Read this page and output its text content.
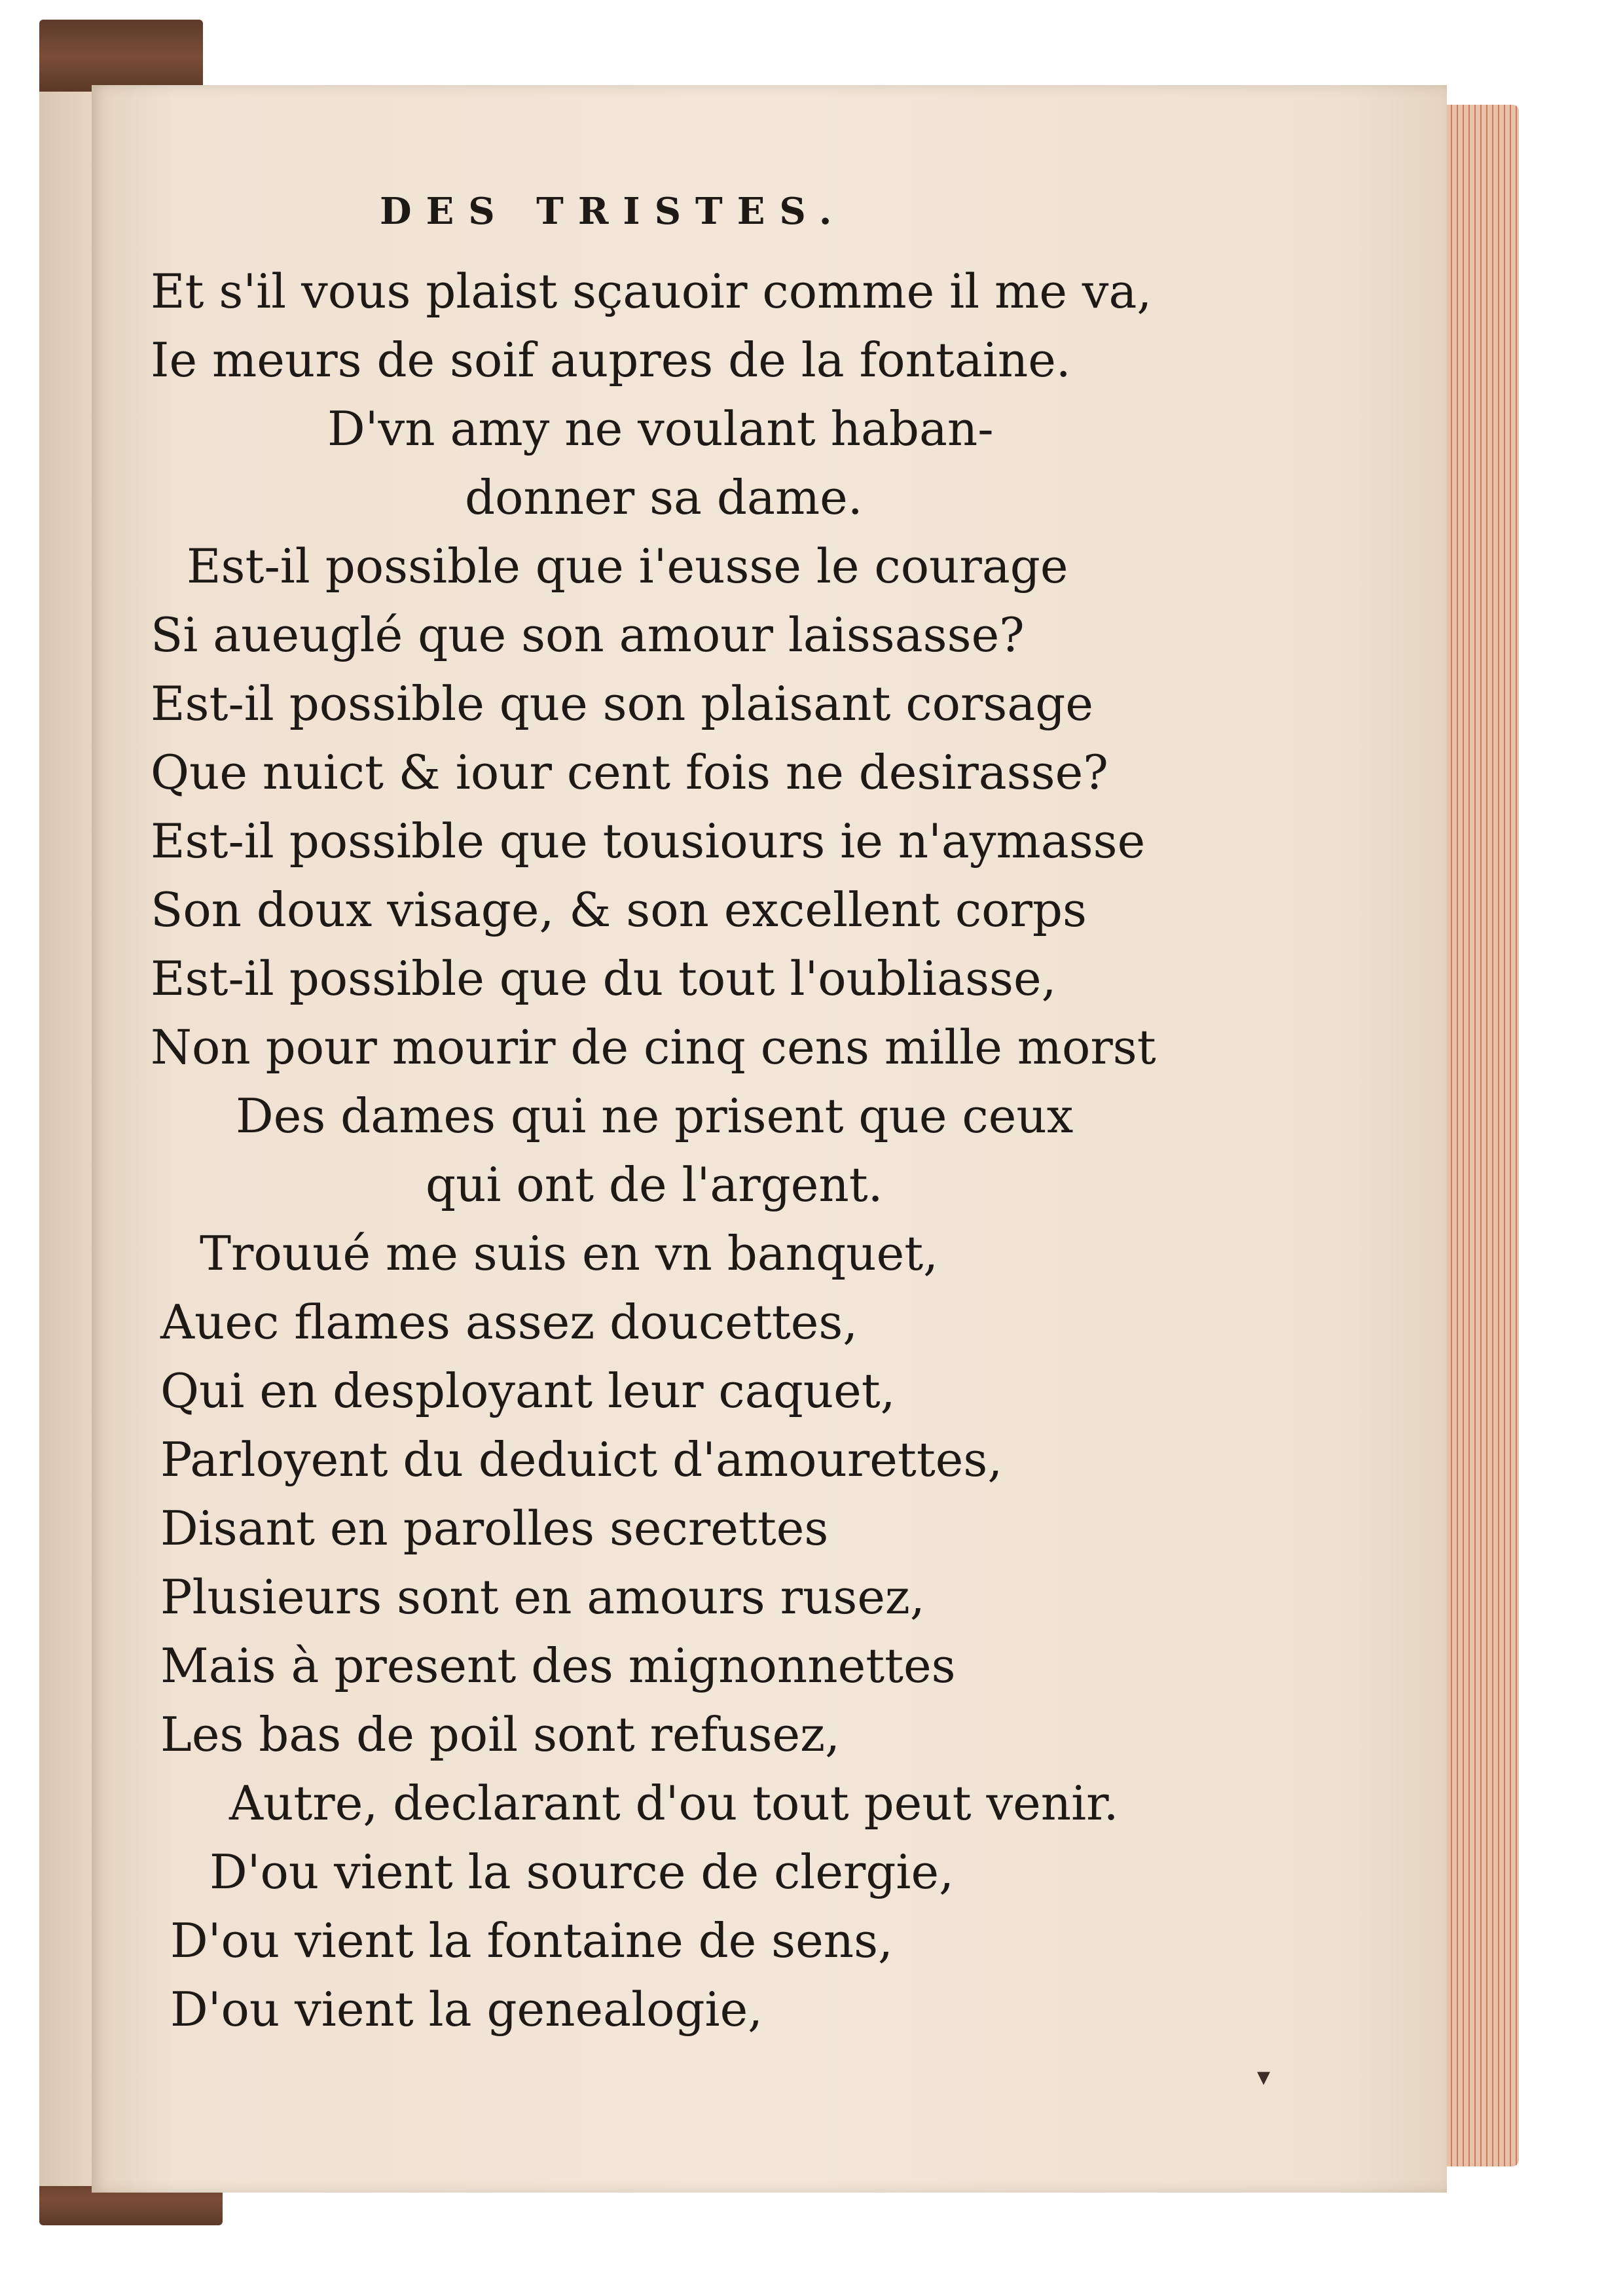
DES TRISTES.
Et s'il vous plaist sçauoir comme il me va,
Ie meurs de soif aupres de la fontaine.
D'vn amy ne voulant haban-
donner sa dame.
Est-il possible que i'eusse le courage
Si aueuglé que son amour laissasse?
Est-il possible que son plaisant corsage
Que nuict & iour cent fois ne desirasse?
Est-il possible que tousiours ie n'aymasse
Son doux visage, & son excellent corps
Est-il possible que du tout l'oubliasse,
Non pour mourir de cinq cens mille morst
Des dames qui ne prisent que ceux
qui ont de l'argent.
Trouué me suis en vn banquet,
Auec flames assez doucettes,
Qui en desployant leur caquet,
Parloyent du deduict d'amourettes,
Disant en parolles secrettes
Plusieurs sont en amours rusez,
Mais à present des mignonnettes
Les bas de poil sont refusez,
Autre, declarant d'ou tout peut venir.
D'ou vient la source de clergie,
D'ou vient la fontaine de sens,
D'ou vient la genealogie,
▾
